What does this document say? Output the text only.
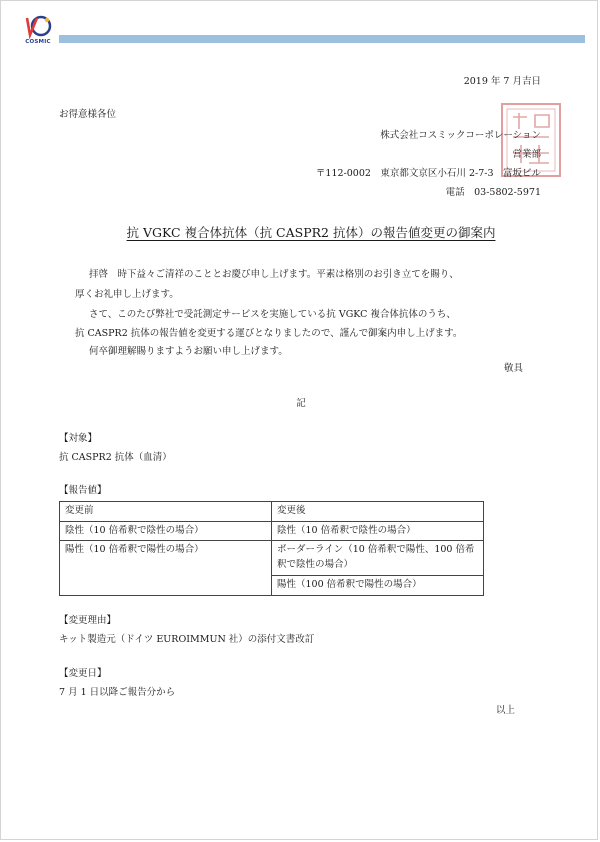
COSMIC
2019 年 7 月吉日
お得意様各位
株式会社コスミックコーポレーション
営業部
〒112-0002　東京都文京区小石川 2-7-3　富坂ビル
電話　03-5802-5971
抗 VGKC 複合体抗体（抗 CASPR2 抗体）の報告値変更の御案内
拝啓　時下益々ご清祥のこととお慶び申し上げます。平素は格別のお引き立てを賜り、
厚くお礼申し上げます。
さて、このたび弊社で受託測定サービスを実施している抗 VGKC 複合体抗体のうち、
抗 CASPR2 抗体の報告値を変更する運びとなりましたので、謹んで御案内申し上げます。
何卒御理解賜りますようお願い申し上げます。
敬具
記
【対象】
抗 CASPR2 抗体（血清）
【報告値】
変更前	変更後
陰性（10 倍希釈で陰性の場合）	陰性（10 倍希釈で陰性の場合）
陽性（10 倍希釈で陽性の場合）	ボーダーライン（10 倍希釈で陽性、100 倍希釈で陰性の場合）
	陽性（100 倍希釈で陽性の場合）
【変更理由】
キット製造元（ドイツ EUROIMMUN 社）の添付文書改訂
【変更日】
7 月 1 日以降ご報告分から
以上
